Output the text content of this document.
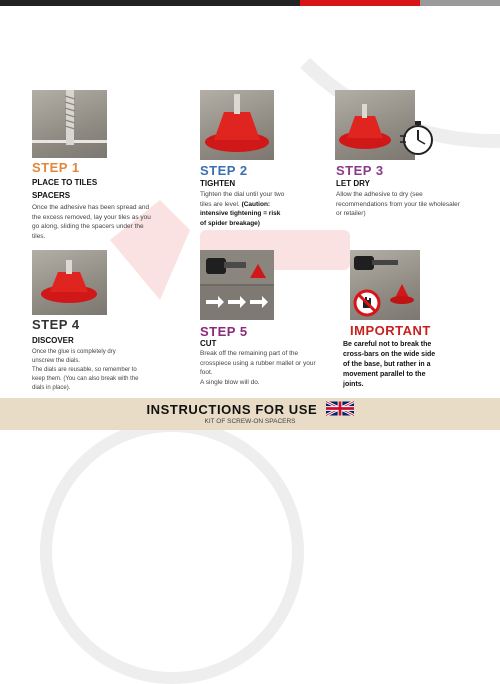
STEP 1
PLACE TO TILES
SPACERS
Once the adhesive has been spread and
the excess removed, lay your tiles as you
go along, sliding the spacers under the
tiles.
STEP 2
TIGHTEN
Tighten the dial until your two
tiles are level. (Caution:
intensive tightening = risk
of spider breakage)
STEP 3
LET DRY
Allow the adhesive to dry (see
recommendations from your tile wholesaler
or retailer)
STEP 4
DISCOVER
Once the glue is completely dry
unscrew the dials.
The dials are reusable, so remember to
keep them. (You can also break with the
dials in place).
STEP 5
CUT
Break off the remaining part of the
crosspiece using a rubber mallet or your
foot.
A single blow will do.
IMPORTANT
Be careful not to break the
cross-bars on the wide side
of the base, but rather in a
movement parallel to the
joints.
INSTRUCTIONS FOR USE
KIT OF SCREW-ON SPACERS
